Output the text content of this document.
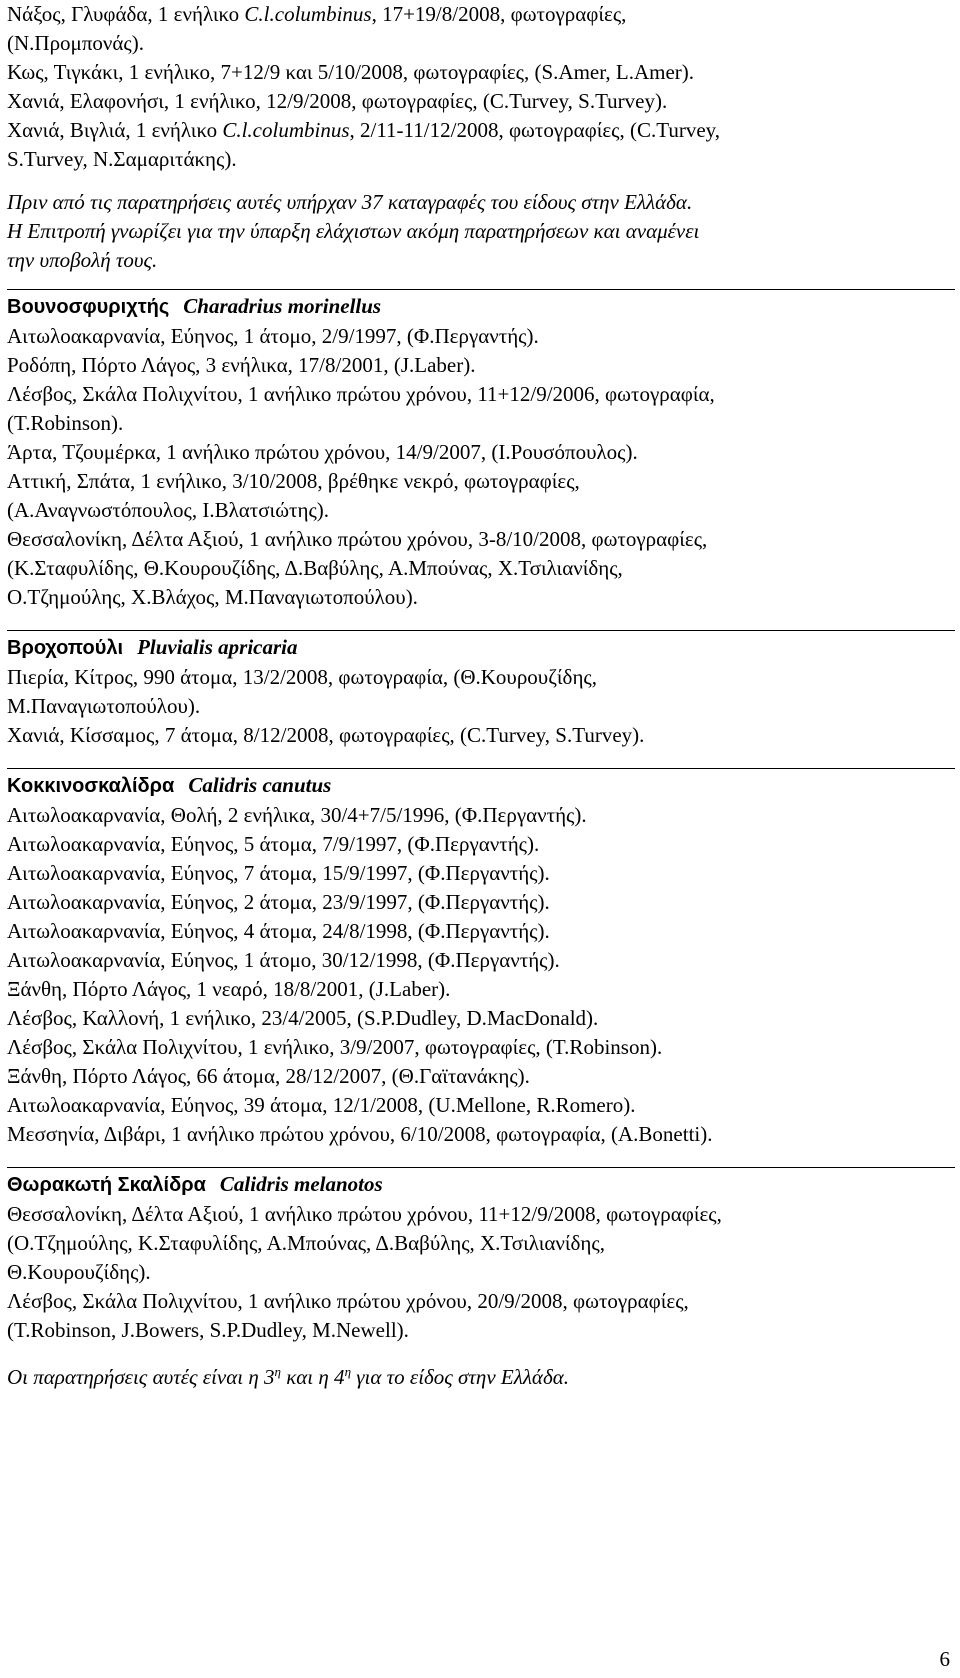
Νάξος, Γλυφάδα, 1 ενήλικο C.l.columbinus, 17+19/8/2008, φωτογραφίες,
(Ν.Προμπονάς).
Κως, Τιγκάκι, 1 ενήλικο, 7+12/9 και 5/10/2008, φωτογραφίες, (S.Amer, L.Amer).
Χανιά, Ελαφονήσι, 1 ενήλικο, 12/9/2008, φωτογραφίες, (C.Turvey, S.Turvey).
Χανιά, Βιγλιά, 1 ενήλικο C.l.columbinus, 2/11-11/12/2008, φωτογραφίες, (C.Turvey,
S.Turvey, Ν.Σαμαριτάκης).
Πριν από τις παρατηρήσεις αυτές υπήρχαν 37 καταγραφές του είδους στην Ελλάδα.
Η Επιτροπή γνωρίζει για την ύπαρξη ελάχιστων ακόμη παρατηρήσεων και αναμένει
την υποβολή τους.
Βουνοσφυριχτής Charadrius morinellus
Αιτωλοακαρνανία, Εύηνος, 1 άτομο, 2/9/1997, (Φ.Περγαντής).
Ροδόπη, Πόρτο Λάγος, 3 ενήλικα, 17/8/2001, (J.Laber).
Λέσβος, Σκάλα Πολιχνίτου, 1 ανήλικο πρώτου χρόνου, 11+12/9/2006, φωτογραφία,
(T.Robinson).
Άρτα, Τζουμέρκα, 1 ανήλικο πρώτου χρόνου, 14/9/2007, (Ι.Ρουσόπουλος).
Αττική, Σπάτα, 1 ενήλικο, 3/10/2008, βρέθηκε νεκρό, φωτογραφίες,
(Α.Αναγνωστόπουλος, Ι.Βλατσιώτης).
Θεσσαλονίκη, Δέλτα Αξιού, 1 ανήλικο πρώτου χρόνου, 3-8/10/2008, φωτογραφίες,
(Κ.Σταφυλίδης, Θ.Κουρουζίδης, Δ.Βαβύλης, Α.Μπούνας, Χ.Τσιλιανίδης,
Ο.Τζημούλης, Χ.Βλάχος, Μ.Παναγιωτοπούλου).
Βροχοπούλι Pluvialis apricaria
Πιερία, Κίτρος, 990 άτομα, 13/2/2008, φωτογραφία, (Θ.Κουρουζίδης,
Μ.Παναγιωτοπούλου).
Χανιά, Κίσσαμος, 7 άτομα, 8/12/2008, φωτογραφίες, (C.Turvey, S.Turvey).
Κοκκινοσκαλίδρα Calidris canutus
Αιτωλοακαρνανία, Θολή, 2 ενήλικα, 30/4+7/5/1996, (Φ.Περγαντής).
Αιτωλοακαρνανία, Εύηνος, 5 άτομα, 7/9/1997, (Φ.Περγαντής).
Αιτωλοακαρνανία, Εύηνος, 7 άτομα, 15/9/1997, (Φ.Περγαντής).
Αιτωλοακαρνανία, Εύηνος, 2 άτομα, 23/9/1997, (Φ.Περγαντής).
Αιτωλοακαρνανία, Εύηνος, 4 άτομα, 24/8/1998, (Φ.Περγαντής).
Αιτωλοακαρνανία, Εύηνος, 1 άτομο, 30/12/1998, (Φ.Περγαντής).
Ξάνθη, Πόρτο Λάγος, 1 νεαρό, 18/8/2001, (J.Laber).
Λέσβος, Καλλονή, 1 ενήλικο, 23/4/2005, (S.P.Dudley, D.MacDonald).
Λέσβος, Σκάλα Πολιχνίτου, 1 ενήλικο, 3/9/2007, φωτογραφίες, (T.Robinson).
Ξάνθη, Πόρτο Λάγος, 66 άτομα, 28/12/2007, (Θ.Γαϊτανάκης).
Αιτωλοακαρνανία, Εύηνος, 39 άτομα, 12/1/2008, (U.Mellone, R.Romero).
Μεσσηνία, Διβάρι, 1 ανήλικο πρώτου χρόνου, 6/10/2008, φωτογραφία, (A.Bonetti).
Θωρακωτή Σκαλίδρα Calidris melanotos
Θεσσαλονίκη, Δέλτα Αξιού, 1 ανήλικο πρώτου χρόνου, 11+12/9/2008, φωτογραφίες,
(Ο.Τζημούλης, Κ.Σταφυλίδης, Α.Μπούνας, Δ.Βαβύλης, Χ.Τσιλιανίδης,
Θ.Κουρουζίδης).
Λέσβος, Σκάλα Πολιχνίτου, 1 ανήλικο πρώτου χρόνου, 20/9/2008, φωτογραφίες,
(T.Robinson, J.Bowers, S.P.Dudley, M.Newell).
Οι παρατηρήσεις αυτές είναι η $3^\eta$ και η $4^\eta$ για το είδος στην Ελλάδα.
6
